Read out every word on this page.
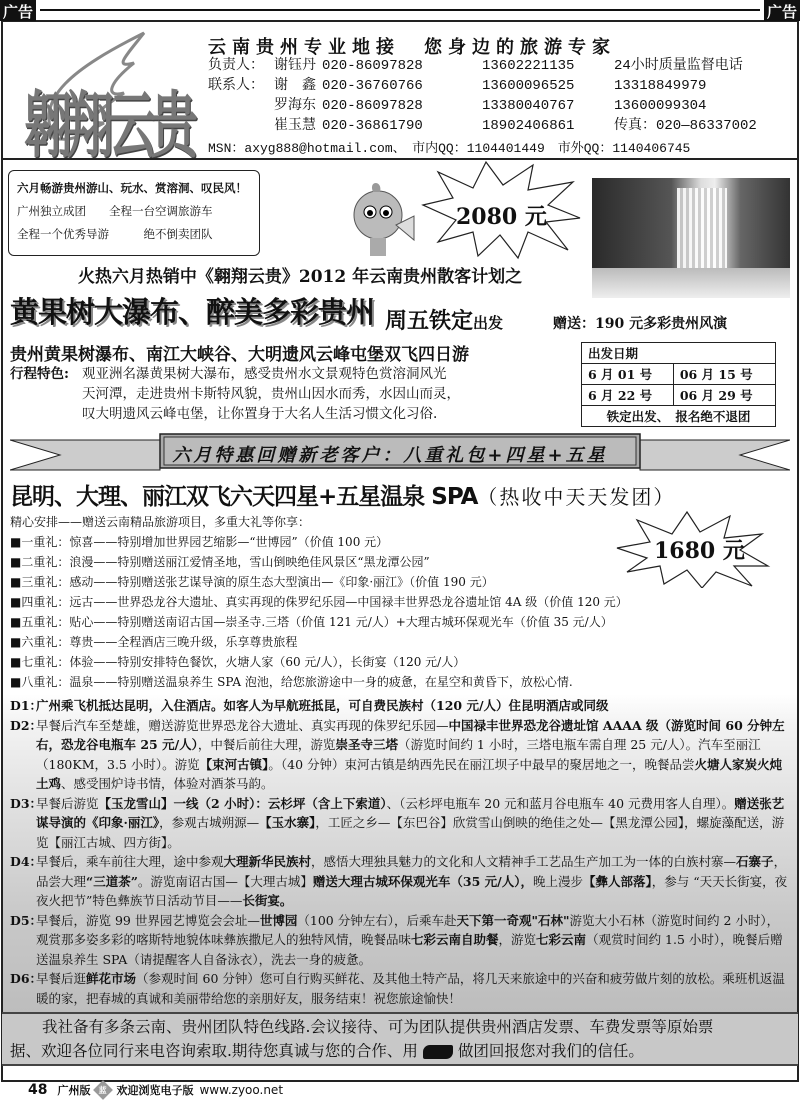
广告	广告
翱翔云贵
云南贵州专业地接　您身边的旅游专家
负责人： 谢钰丹 020-86097828	13602221135	24小时质量监督电话
联系人： 谢　鑫 020-36760766	13600096525	13318849979
罗海东 020-86097828	13380040767	13600099304
崔玉慧 020-36861790	18902406861	传真：020—86337002
MSN：axyg888@hotmail.com、　市内QQ：1104401449　市外QQ：1140406745
六月畅游贵州游山、玩水、赏溶洞、叹民风！
广州独立成团　　全程一台空调旅游车
全程一个优秀导游　　　绝不倒卖团队
2080 元
火热六月热销中《翱翔云贵》2012 年云南贵州散客计划之
黄果树大瀑布、醉美多彩贵州 周五铁定出发	赠送：190 元多彩贵州风演
贵州黄果树瀑布、南江大峡谷、大明遗风云峰屯堡双飞四日游
行程特色: 观亚洲名瀑黄果树大瀑布，感受贵州水文景观特色赏溶洞风光
天河潭，走进贵州卡斯特风貌，贵州山因水而秀，水因山而灵，
叹大明遗风云峰屯堡，让你置身于大名人生活习惯文化习俗.
出发日期	
6 月 01 号	06 月 15 号
6 月 22 号	06 月 29 号
铁定出发、　报名绝不退团	
六月特惠回赠新老客户：八重礼包+四星+五星
昆明、大理、丽江双飞六天四星+五星温泉 SPA（热收中天天发团）
1680 元
精心安排——赠送云南精品旅游项目，多重大礼等你享：
■一重礼：惊喜——特别增加世界园艺缩影—“世博园”（价值 100 元）
■二重礼：浪漫——特别赠送丽江爱情圣地，雪山倒映绝佳风景区“黑龙潭公园”
■三重礼：感动——特别赠送张艺谋导演的原生态大型演出—《印象·丽江》（价值 190 元）
■四重礼：远古——世界恐龙谷大遗址、真实再现的侏罗纪乐园—中国禄丰世界恐龙谷遗址馆 4A 级（价值 120 元）
■五重礼：贴心——特别赠送南诏古国—崇圣寺.三塔（价值 121 元/人）+大理古城环保观光车（价值 35 元/人）
■六重礼：尊贵——全程酒店三晚升级，乐享尊贵旅程
■七重礼：体验——特别安排特色餐饮，火塘人家（60 元/人），长街宴（120 元/人）
■八重礼：温泉——特别赠送温泉养生 SPA 泡池，给您旅游途中一身的疲惫，在星空和黄昏下，放松心情.
D1：
广州乘飞机抵达昆明，入住酒店。如客人为早航班抵昆，可自费民族村（120 元/人）住昆明酒店或同级
D2：
早餐后汽车至楚雄，赠送游览世界恐龙谷大遗址、真实再现的侏罗纪乐园—中国禄丰世界恐龙谷遗址馆 AAAA 级（游览时间 60 分钟左右，恐龙谷电瓶车 25 元/人），中餐后前往大理，游览崇圣寺三塔（游览时间约 1 小时，三塔电瓶车需自理 25 元/人）。汽车至丽江（180KM，3.5 小时）。游览【束河古镇】。（40 分钟）束河古镇是纳西先民在丽江坝子中最早的聚居地之一，晚餐品尝火塘人家炭火炖土鸡、感受围炉诗书情，体验对酒茶马韵。
D3：
早餐后游览【玉龙雪山】一线（2 小时）：云杉坪（含上下索道）、（云杉坪电瓶车 20 元和蓝月谷电瓶车 40 元费用客人自理）。赠送张艺谋导演的《印象·丽江》，参观古城朔源—【玉水寨】，工匠之乡—【东巴谷】欣赏雪山倒映的绝佳之处—【黑龙潭公园】，螺旋藻配送，游览【丽江古城、四方街】。
D4：
早餐后，乘车前往大理，途中参观大理新华民族村，感悟大理独具魅力的文化和人文精神手工艺品生产加工为一体的白族村寨—石寨子，品尝大理“三道茶”。游览南诏古国—【大理古城】赠送大理古城环保观光车（35 元/人），晚上漫步【彝人部落】，参与 “天天长街宴，夜夜火把节”特色彝族节日活动节目——长街宴。
D5：
早餐后，游览 99 世界园艺博览会会址—世博园（100 分钟左右），后乘车赴天下第一奇观"石林"游览大小石林（游览时间约 2 小时），观赏那多姿多彩的喀斯特地貌体味彝族撒尼人的独特风情，晚餐品味七彩云南自助餐，游览七彩云南（观赏时间约 1.5 小时），晚餐后赠送温泉养生 SPA（请提醒客人自备泳衣），洗去一身的疲惫。
D6：
早餐后逛鲜花市场（参观时间 60 分钟）您可自行购买鲜花、及其他土特产品，将几天来旅途中的兴奋和疲劳做片刻的放松。乘班机返温暖的家，把春城的真诚和美丽带给您的亲朋好友，服务结束！祝您旅途愉快！
我社备有多条云南、贵州团队特色线路.会议接待、可为团队提供贵州酒店发票、车费发票等原始票
据、欢迎各位同行来电咨询索取.期待您真诚与您的合作、用	做团回报您对我们的信任。
48 广州版 蓝 欢迎浏览电子版 www.zyoo.net
